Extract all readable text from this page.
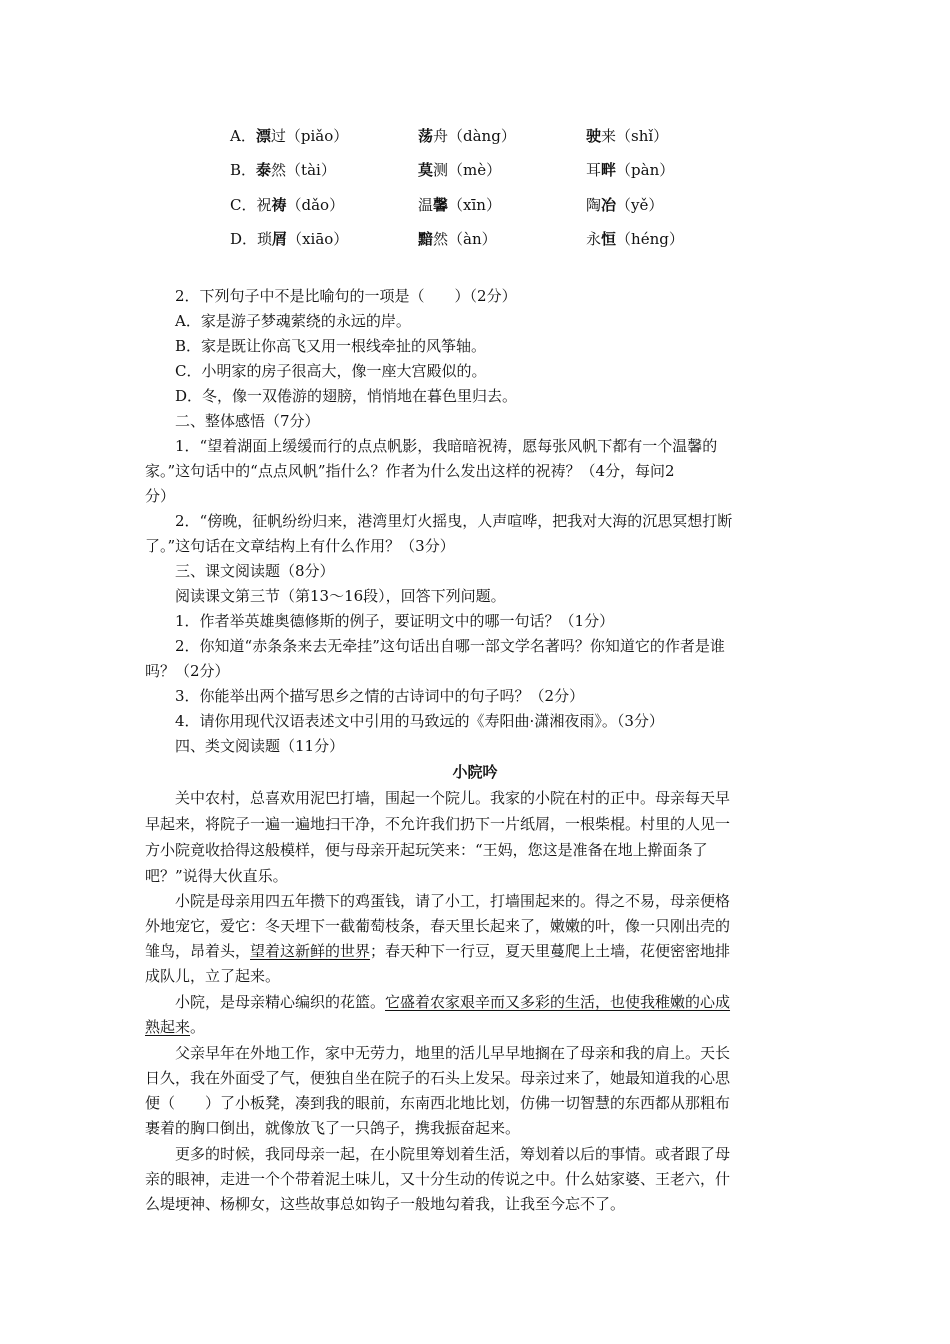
A．漂过（piǎo）	荡舟（dàng）	驶来（shǐ）
B．泰然（tài）	莫测（mè）	耳畔（pàn）
C．祝祷（dǎo）	温馨（xīn）	陶冶（yě）
D．琐屑（xiāo）	黯然（àn）	永恒（héng）
2．下列句子中不是比喻句的一项是（　　）（2分）
A．家是游子梦魂萦绕的永远的岸。
B．家是既让你高飞又用一根线牵扯的风筝轴。
C．小明家的房子很高大，像一座大宫殿似的。
D．冬，像一双倦游的翅膀，悄悄地在暮色里归去。
二、整体感悟（7分）
1．“望着湖面上缓缓而行的点点帆影，我暗暗祝祷，愿每张风帆下都有一个温馨的
家。”这句话中的“点点风帆”指什么？作者为什么发出这样的祝祷？（4分，每问2
分）
2．“傍晚，征帆纷纷归来，港湾里灯火摇曳，人声喧哗，把我对大海的沉思冥想打断
了。”这句话在文章结构上有什么作用？（3分）
三、课文阅读题（8分）
阅读课文第三节（第13～16段），回答下列问题。
1．作者举英雄奥德修斯的例子，要证明文中的哪一句话？（1分）
2．你知道“赤条条来去无牵挂”这句话出自哪一部文学名著吗？你知道它的作者是谁
吗？（2分）
3．你能举出两个描写思乡之情的古诗词中的句子吗？（2分）
4．请你用现代汉语表述文中引用的马致远的《寿阳曲·潇湘夜雨》。（3分）
四、类文阅读题（11分）
小院吟
关中农村，总喜欢用泥巴打墙，围起一个院儿。我家的小院在村的正中。母亲每天早
早起来，将院子一遍一遍地扫干净，不允许我们扔下一片纸屑，一根柴棍。村里的人见一
方小院竟收拾得这般模样，便与母亲开起玩笑来：“王妈，您这是准备在地上擀面条了
吧？”说得大伙直乐。
小院是母亲用四五年攒下的鸡蛋钱，请了小工，打墙围起来的。得之不易，母亲便格
外地宠它，爱它：冬天埋下一截葡萄枝条，春天里长起来了，嫩嫩的叶，像一只刚出壳的
雏鸟，昂着头，望着这新鲜的世界；春天种下一行豆，夏天里蔓爬上土墙，花便密密地排
成队儿，立了起来。
小院，是母亲精心编织的花篮。它盛着农家艰辛而又多彩的生活，也使我稚嫩的心成
熟起来。
父亲早年在外地工作，家中无劳力，地里的活儿早早地搁在了母亲和我的肩上。天长
日久，我在外面受了气，便独自坐在院子的石头上发呆。母亲过来了，她最知道我的心思
便（　　）了小板凳，凑到我的眼前，东南西北地比划，仿佛一切智慧的东西都从那粗布
裹着的胸口倒出，就像放飞了一只鸽子，携我振奋起来。
更多的时候，我同母亲一起，在小院里筹划着生活，筹划着以后的事情。或者跟了母
亲的眼神，走进一个个带着泥土味儿，又十分生动的传说之中。什么姑家婆、王老六，什
么堤埂神、杨柳女，这些故事总如钩子一般地勾着我，让我至今忘不了。
